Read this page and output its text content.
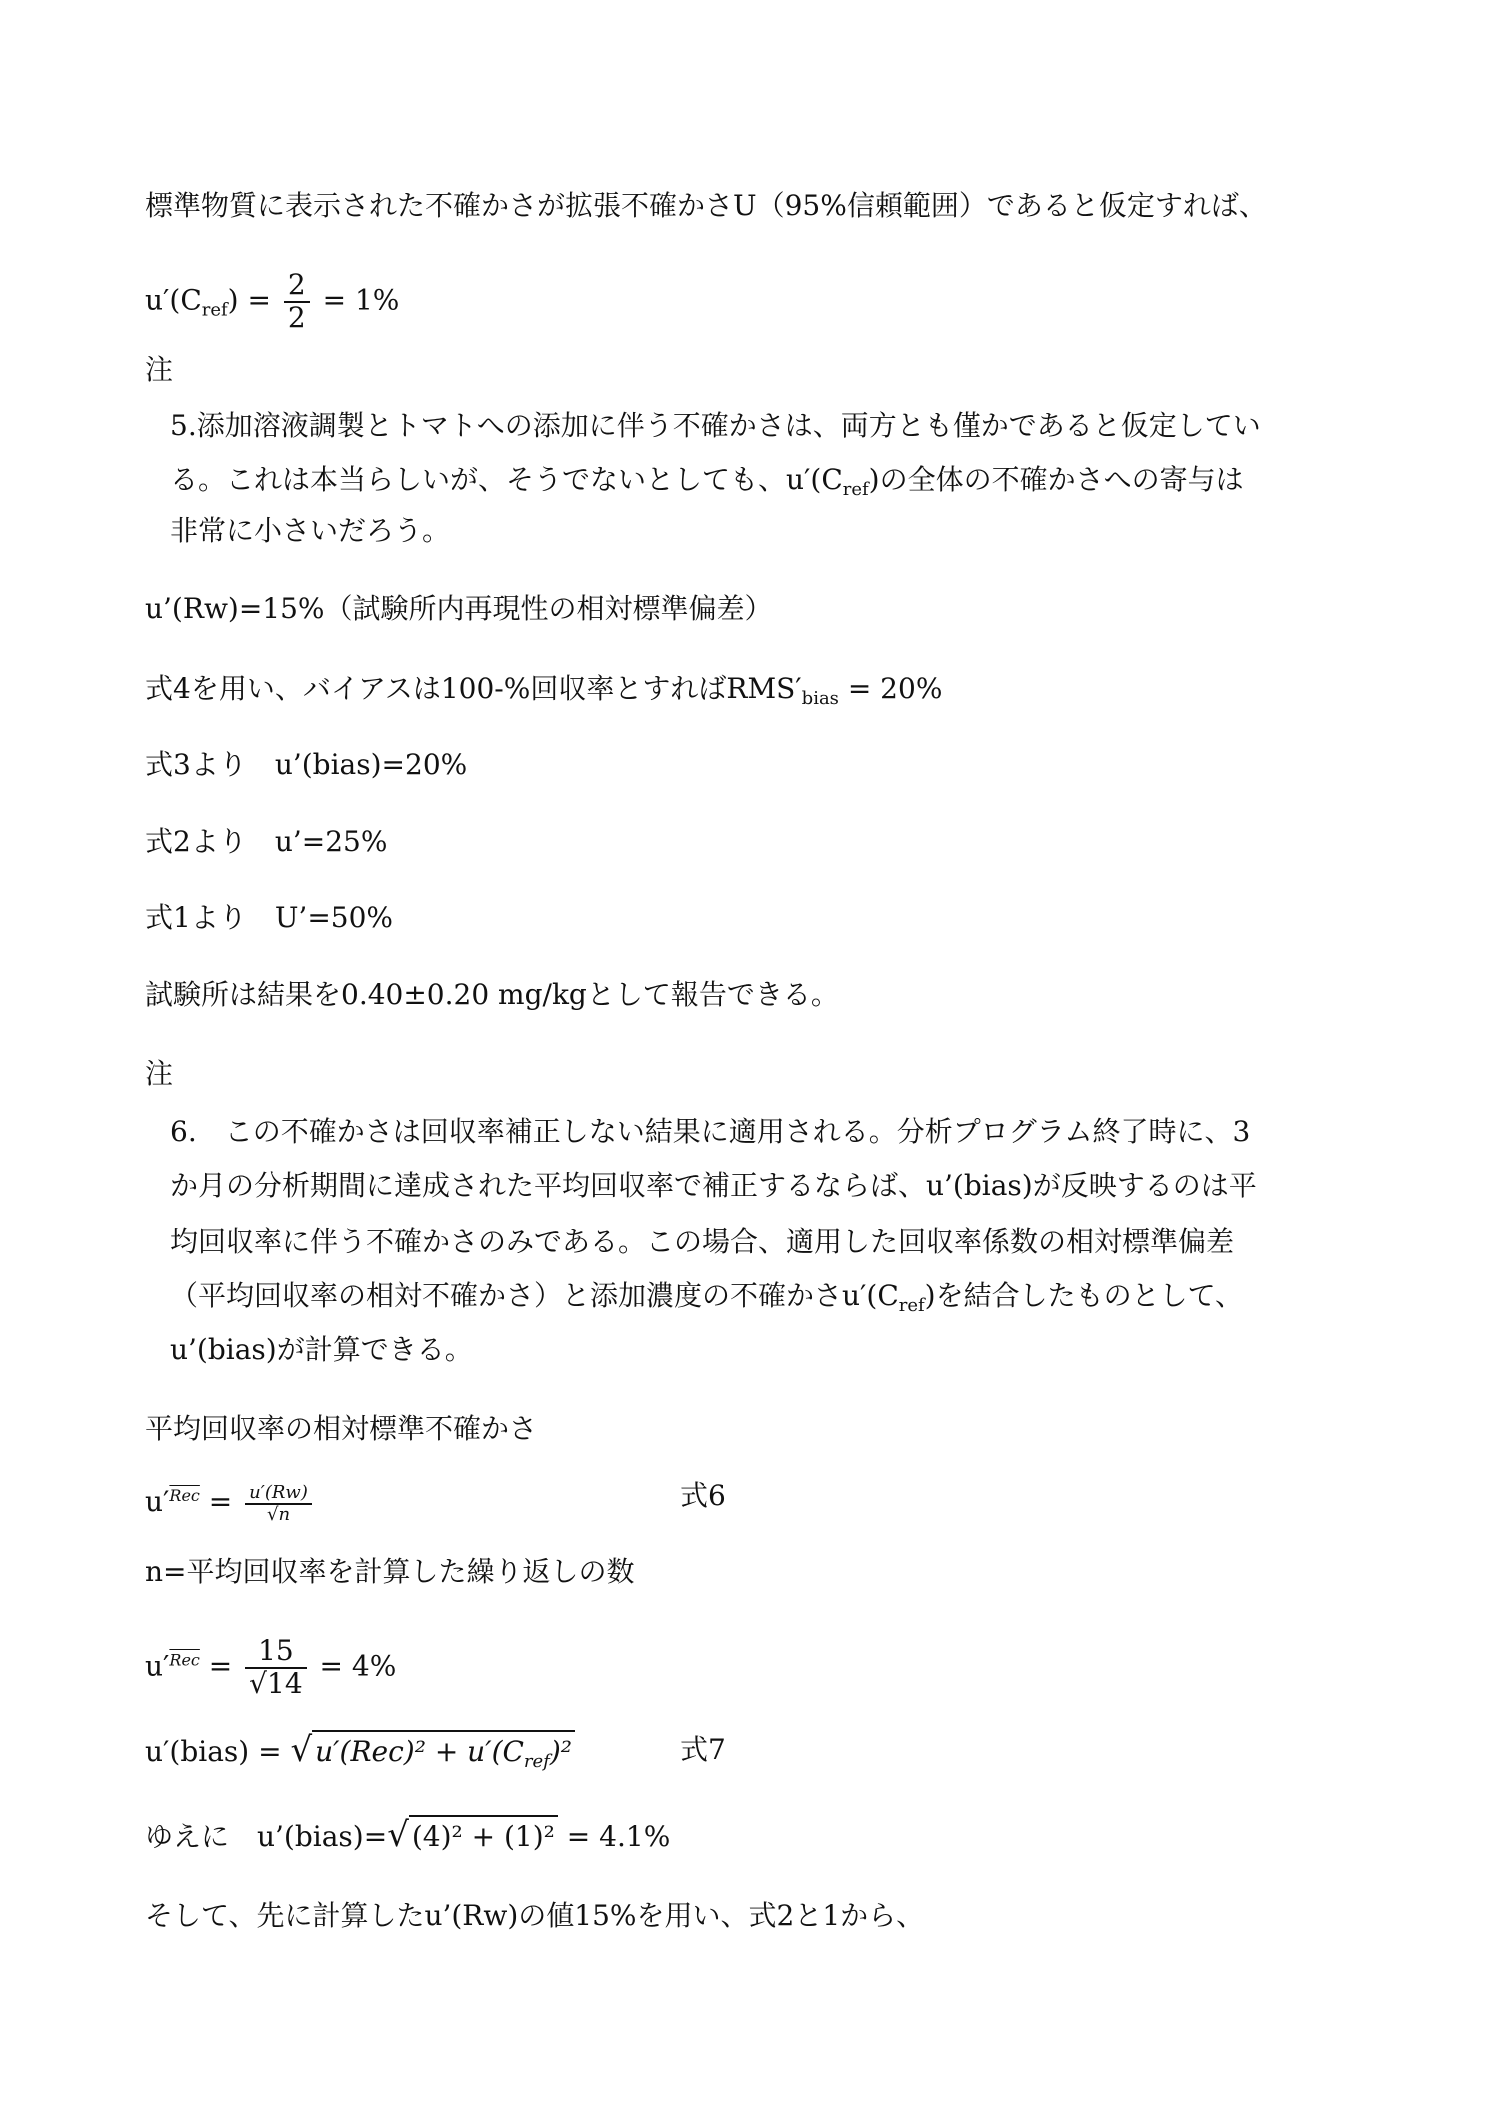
標準物質に表示された不確かさが拡張不確かさU（95%信頼範囲）であると仮定すれば、
$u'(C_{ref}) = \frac{2}{2} = 1\%$
注
5.添加溶液調製とトマトへの添加に伴う不確かさは、両方とも僅かであると仮定してい
る。これは本当らしいが、そうでないとしても、$u'(C_{ref})$の全体の不確かさへの寄与は
非常に小さいだろう。
u’(Rw)=15%（試験所内再現性の相対標準偏差）
式4を用い、バイアスは100-%回収率とすれば$RMS'_{bias} = 20\%$
式3より　u’(bias)=20%
式2より　u’=25%
式1より　U’=50%
試験所は結果を0.40±0.20 mg/kgとして報告できる。
注
6.　この不確かさは回収率補正しない結果に適用される。分析プログラム終了時に、3
か月の分析期間に達成された平均回収率で補正するならば、u’(bias)が反映するのは平
均回収率に伴う不確かさのみである。この場合、適用した回収率係数の相対標準偏差
（平均回収率の相対不確かさ）と添加濃度の不確かさ$u'(C_{ref})$を結合したものとして、
u’(bias)が計算できる。
平均回収率の相対標準不確かさ
$u'^{\overline{Rec}} = \frac{u'(Rw)}{√n}$	式6
n=平均回収率を計算した繰り返しの数
$u'^{\overline{Rec}} = \frac{15}{√14} = 4\%$
u′(bias) = √ $u'(Rec)^2 + u'(C_{ref})^2$	式7
ゆえに　u’(bias)=√ (4)² + (1)² = 4.1%
そして、先に計算したu’(Rw)の値15%を用い、式2と1から、
